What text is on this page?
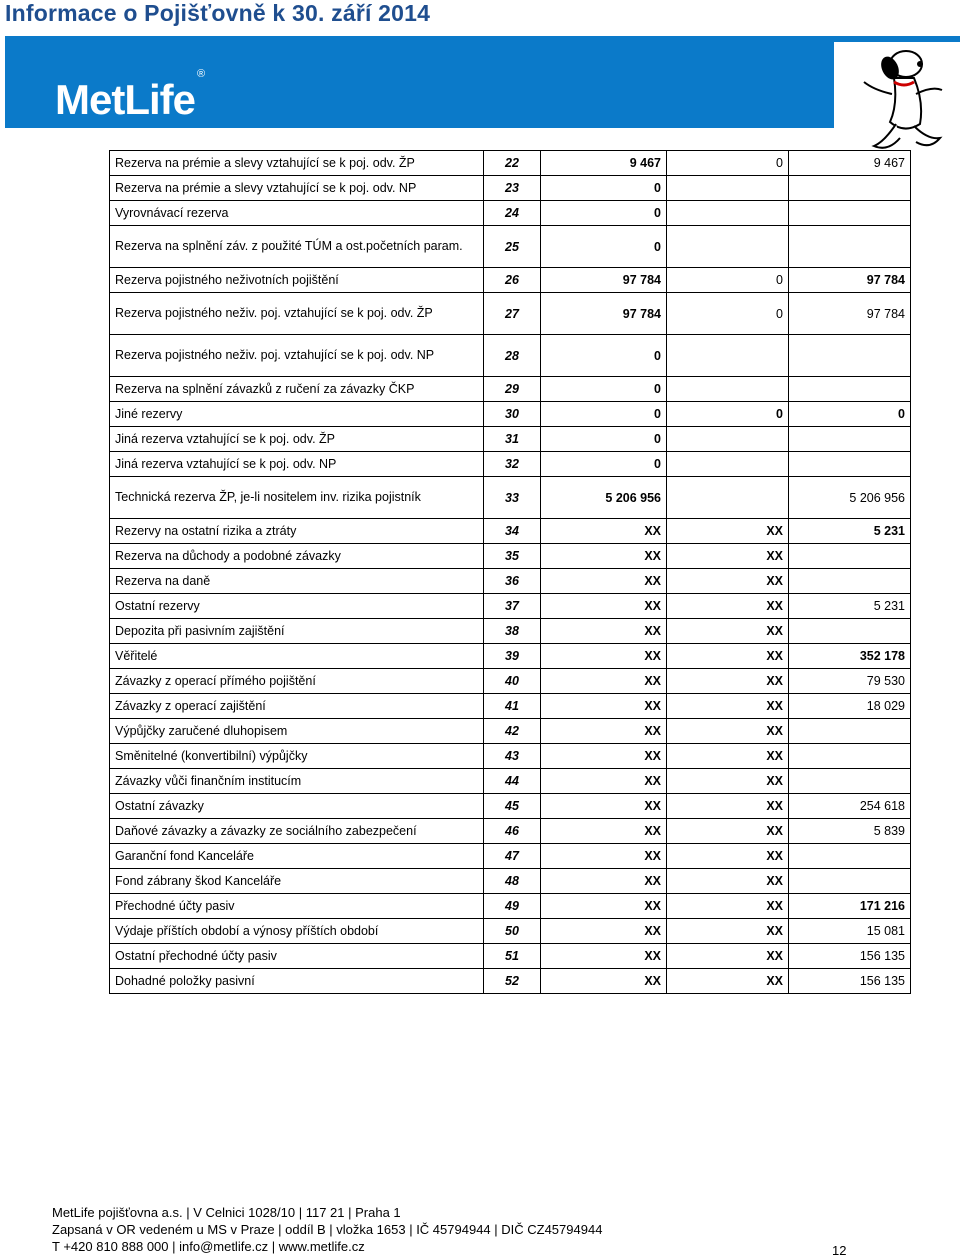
Informace o Pojišťovně k 30. září 2014
MetLife®
Rezerva na prémie a slevy vztahující se k poj. odv. ŽP	22	9 467	0	9 467
Rezerva na prémie a slevy vztahující se k poj. odv. NP	23	0		
Vyrovnávací rezerva	24	0		
Rezerva na splnění záv. z použité TÚM a ost.početních param.	25	0		
Rezerva pojistného neživotních pojištění	26	97 784	0	97 784
Rezerva pojistného neživ. poj. vztahující se k poj. odv. ŽP	27	97 784	0	97 784
Rezerva pojistného neživ. poj. vztahující se k poj. odv. NP	28	0		
Rezerva na splnění závazků z ručení za závazky ČKP	29	0		
Jiné rezervy	30	0	0	0
Jiná rezerva vztahující se k poj. odv. ŽP	31	0		
Jiná rezerva vztahující se k poj. odv. NP	32	0		
Technická rezerva ŽP, je-li nositelem inv. rizika pojistník	33	5 206 956		5 206 956
Rezervy na ostatní rizika a ztráty	34	XX	XX	5 231
Rezerva na důchody a podobné závazky	35	XX	XX	
Rezerva na daně	36	XX	XX	
Ostatní rezervy	37	XX	XX	5 231
Depozita při pasivním zajištění	38	XX	XX	
Věřitelé	39	XX	XX	352 178
Závazky z operací přímého pojištění	40	XX	XX	79 530
Závazky z operací zajištění	41	XX	XX	18 029
Výpůjčky zaručené dluhopisem	42	XX	XX	
Směnitelné (konvertibilní) výpůjčky	43	XX	XX	
Závazky vůči finančním institucím	44	XX	XX	
Ostatní závazky	45	XX	XX	254 618
Daňové závazky a závazky ze sociálního zabezpečení	46	XX	XX	5 839
Garanční fond Kanceláře	47	XX	XX	
Fond zábrany škod Kanceláře	48	XX	XX	
Přechodné účty pasiv	49	XX	XX	171 216
Výdaje příštích období a výnosy příštích období	50	XX	XX	15 081
Ostatní přechodné účty pasiv	51	XX	XX	156 135
Dohadné položky pasivní	52	XX	XX	156 135
MetLife pojišťovna a.s. | V Celnici 1028/10 | 117 21 | Praha 1
Zapsaná v OR vedeném u MS v Praze | oddíl B | vložka 1653 | IČ 45794944 | DIČ CZ45794944
T +420 810 888 000 | info@metlife.cz | www.metlife.cz	12
